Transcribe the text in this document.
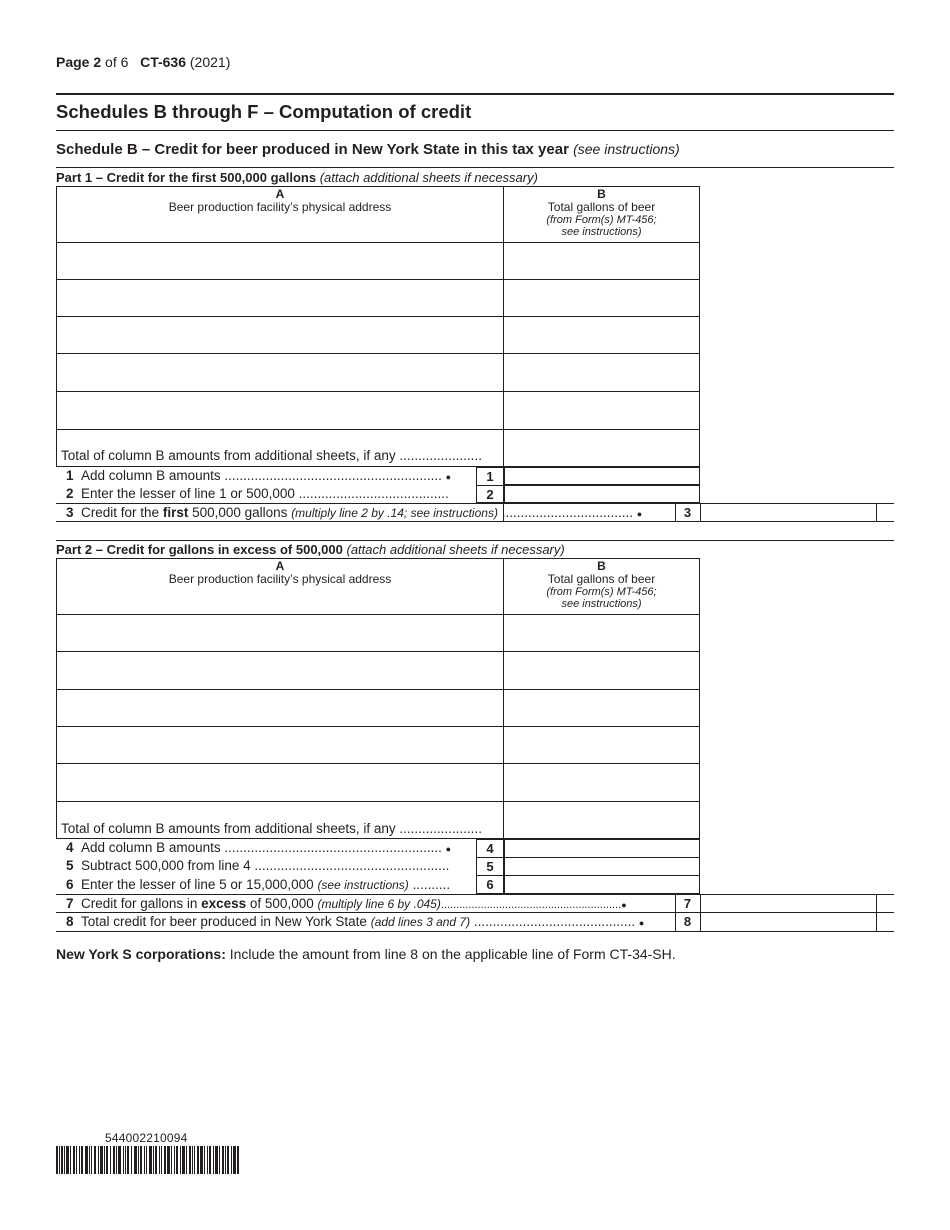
Page 2 of 6 CT-636 (2021)
Schedules B through F – Computation of credit
Schedule B – Credit for beer produced in New York State in this tax year (see instructions)
Part 1 – Credit for the first 500,000 gallons (attach additional sheets if necessary)
A
Beer production facility’s physical address
B
Total gallons of beer
(from Form(s) MT-456;
see instructions)
Total of column B amounts from additional sheets, if any ......................
1
2
1 Add column B amounts .......................................................... ●
2 Enter the lesser of line 1 or 500,000 ........................................
3
3 Credit for the first 500,000 gallons (multiply line 2 by .14; see instructions) ................................... ●
Part 2 – Credit for gallons in excess of 500,000 (attach additional sheets if necessary)
A
Beer production facility’s physical address
B
Total gallons of beer
(from Form(s) MT-456;
see instructions)
Total of column B amounts from additional sheets, if any ......................
4
5
6
4 Add column B amounts .......................................................... ●
5 Subtract 500,000 from line 4 ....................................................
6 Enter the lesser of line 5 or 15,000,000 (see instructions) ..........
7
8
7 Credit for gallons in excess of 500,000 (multiply line 6 by .045)...........................................................●
8 Total credit for beer produced in New York State (add lines 3 and 7) ........................................... ●
New York S corporations: Include the amount from line 8 on the applicable line of Form CT-34-SH.
544002210094
